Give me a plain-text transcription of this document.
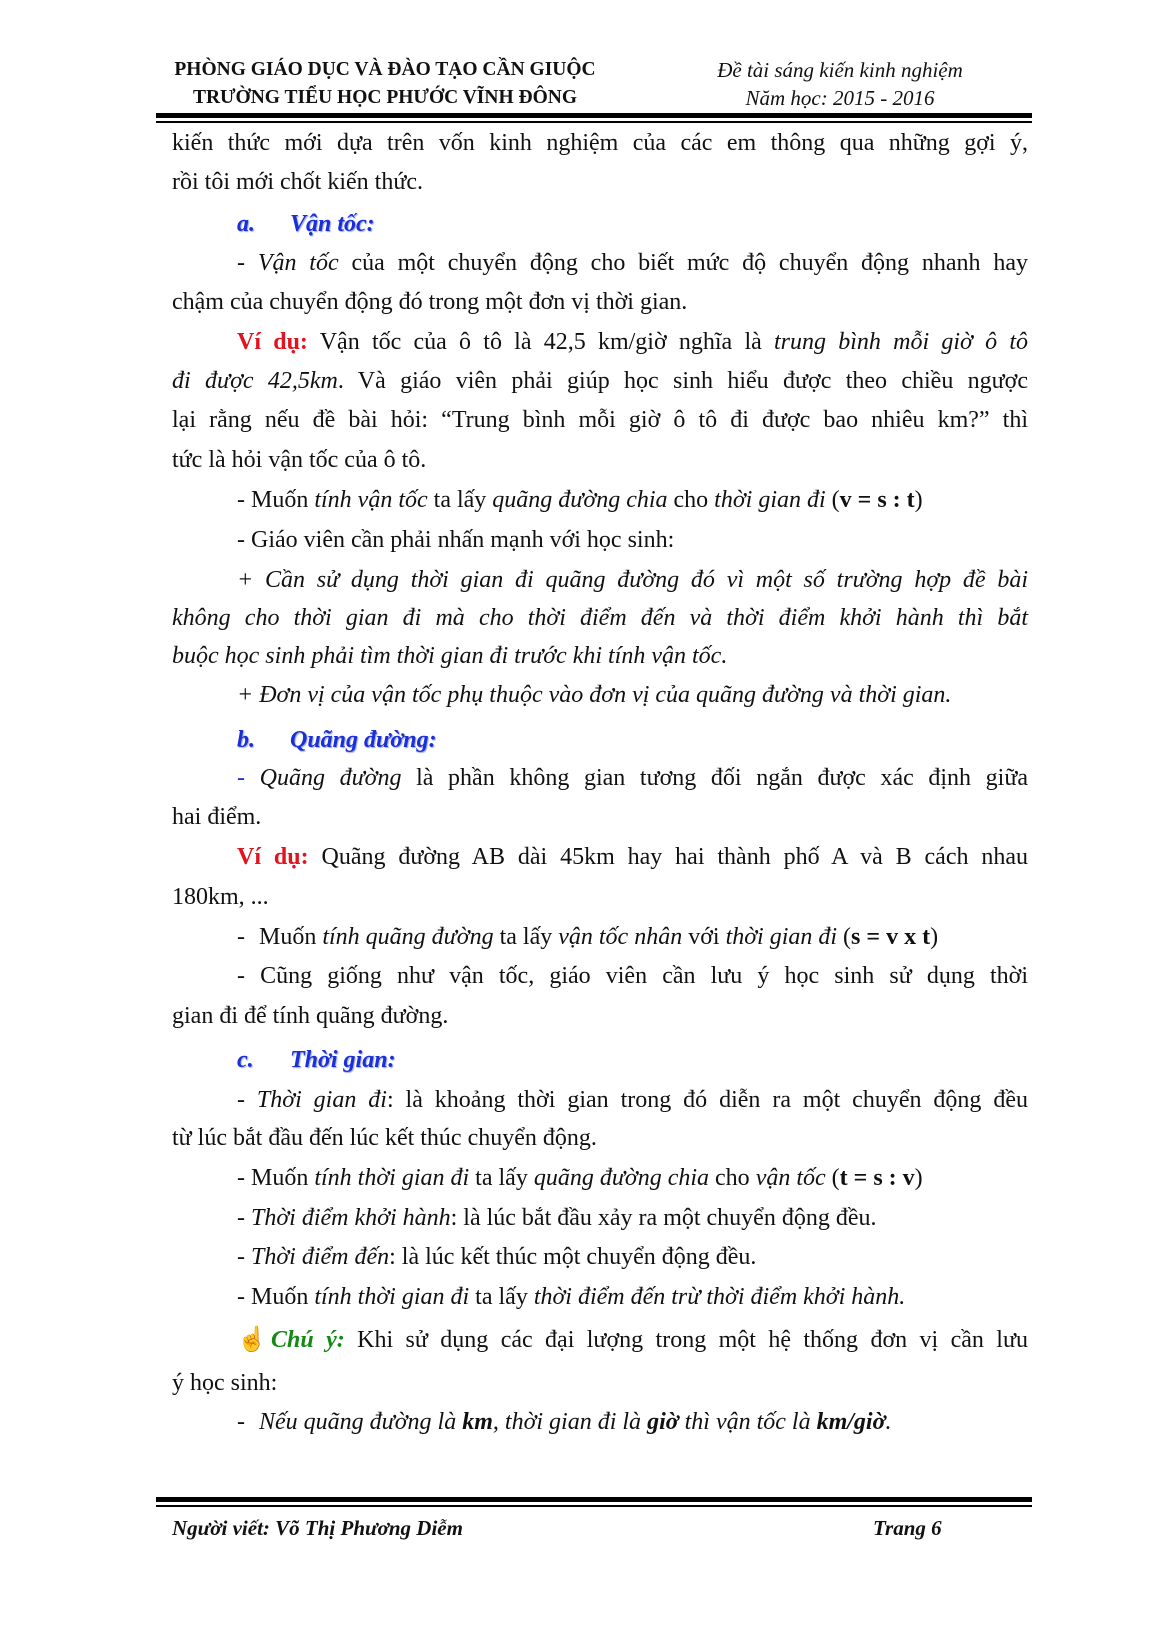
PHÒNG GIÁO DỤC VÀ ĐÀO TẠO CẦN GIUỘC
TRƯỜNG TIỂU HỌC PHƯỚC VĨNH ĐÔNG
Đề tài sáng kiến kinh nghiệm
Năm học: 2015 - 2016
kiến thức mới dựa trên vốn kinh nghiệm của các em thông qua những gợi ý,
rồi tôi mới chốt kiến thức.
a. Vận tốc:
- Vận tốc của một chuyển động cho biết mức độ chuyển động nhanh hay
chậm của chuyển động đó trong một đơn vị thời gian.
Ví dụ: Vận tốc của ô tô là 42,5 km/giờ nghĩa là trung bình mỗi giờ ô tô
đi được 42,5km. Và giáo viên phải giúp học sinh hiểu được theo chiều ngược
lại rằng nếu đề bài hỏi: “Trung bình mỗi giờ ô tô đi được bao nhiêu km?” thì
tức là hỏi vận tốc của ô tô.
- Muốn tính vận tốc ta lấy quãng đường chia cho thời gian đi (v = s : t)
- Giáo viên cần phải nhấn mạnh với học sinh:
+ Cần sử dụng thời gian đi quãng đường đó vì một số trường hợp đề bài
không cho thời gian đi mà cho thời điểm đến và thời điểm khởi hành thì bắt
buộc học sinh phải tìm thời gian đi trước khi tính vận tốc.
+ Đơn vị của vận tốc phụ thuộc vào đơn vị của quãng đường và thời gian.
b. Quãng đường:
- Quãng đường là phần không gian tương đối ngắn được xác định giữa
hai điểm.
Ví dụ: Quãng đường AB dài 45km hay hai thành phố A và B cách nhau
180km, ...
- Muốn tính quãng đường ta lấy vận tốc nhân với thời gian đi (s = v x t)
- Cũng giống như vận tốc, giáo viên cần lưu ý học sinh sử dụng thời
gian đi để tính quãng đường.
c. Thời gian:
- Thời gian đi: là khoảng thời gian trong đó diễn ra một chuyển động đều
từ lúc bắt đầu đến lúc kết thúc chuyển động.
- Muốn tính thời gian đi ta lấy quãng đường chia cho vận tốc (t = s : v)
- Thời điểm khởi hành: là lúc bắt đầu xảy ra một chuyển động đều.
- Thời điểm đến: là lúc kết thúc một chuyển động đều.
- Muốn tính thời gian đi ta lấy thời điểm đến trừ thời điểm khởi hành.
☝ Chú ý: Khi sử dụng các đại lượng trong một hệ thống đơn vị cần lưu
ý học sinh:
- Nếu quãng đường là km, thời gian đi là giờ thì vận tốc là km/giờ.
Người viết: Võ Thị Phương Diễm	Trang 6
